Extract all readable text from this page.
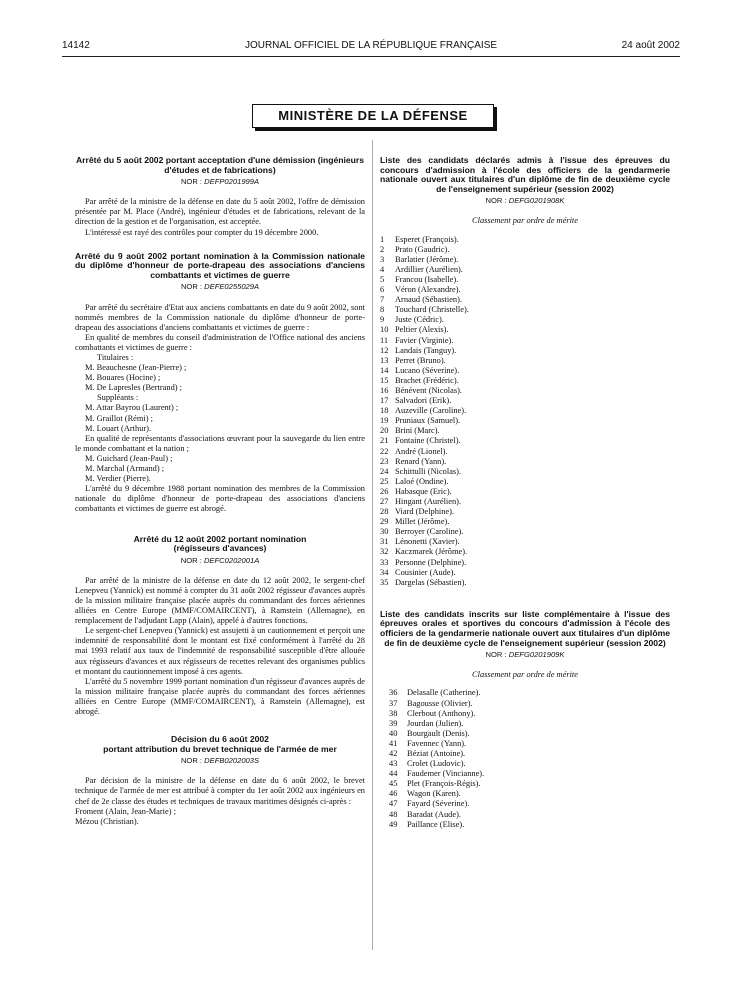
14142	JOURNAL OFFICIEL DE LA RÉPUBLIQUE FRANÇAISE	24 août 2002
MINISTÈRE DE LA DÉFENSE
Arrêté du 5 août 2002 portant acceptation d'une démission (ingénieurs d'études et de fabrications)
NOR : DEFP0201999A

Par arrêté de la ministre de la défense en date du 5 août 2002, l'offre de démission présentée par M. Place (André), ingénieur d'études et de fabrications, relevant de la direction de la gestion et de l'organisation, est acceptée.

L'intéressé est rayé des contrôles pour compter du 19 décembre 2000.

Arrêté du 9 août 2002 portant nomination à la Commission nationale du diplôme d'honneur de porte-drapeau des associations d'anciens combattants et victimes de guerre
NOR : DEFE0255029A

Par arrêté du secrétaire d'Etat aux anciens combattants en date du 9 août 2002, sont nommés membres de la Commission nationale du diplôme d'honneur de porte-drapeau des associations d'anciens combattants et victimes de guerre :

En qualité de membres du conseil d'administration de l'Office national des anciens combattants et victimes de guerre :

Titulaires :
M. Beauchesne (Jean-Pierre) ;
M. Bouares (Hocine) ;
M. De Lapresles (Bertrand) ;
Suppléants :
M. Attar Bayrou (Laurent) ;
M. Graillot (Rémi) ;
M. Louart (Arthur).

En qualité de représentants d'associations œuvrant pour la sauvegarde du lien entre le monde combattant et la nation ;

M. Guichard (Jean-Paul) ;
M. Marchal (Armand) ;
M. Verdier (Pierre).

L'arrêté du 9 décembre 1988 portant nomination des membres de la Commission nationale du diplôme d'honneur de porte-drapeau des associations d'anciens combattants et victimes de guerre est abrogé.

Arrêté du 12 août 2002 portant nomination
(régisseurs d'avances)
NOR : DEFC0202001A

Par arrêté de la ministre de la défense en date du 12 août 2002, le sergent-chef Lenepveu (Yannick) est nommé à compter du 31 août 2002 régisseur d'avances auprès de la mission militaire française placée auprès du commandant des forces aériennes alliées en Centre Europe (MMF/COMAIRCENT), à Ramstein (Allemagne), en remplacement de l'adjudant Lapp (Alain), appelé à d'autres fonctions.

Le sergent-chef Lenepveu (Yannick) est assujetti à un cautionnement et perçoit une indemnité de responsabilité dont le montant est fixé conformément à l'arrêté du 28 mai 1993 relatif aux taux de l'indemnité de responsabilité susceptible d'être allouée aux régisseurs d'avances et aux régisseurs de recettes relevant des organismes publics et montant du cautionnement imposé à ces agents.

L'arrêté du 5 novembre 1999 portant nomination d'un régisseur d'avances auprès de la mission militaire française placée auprès du commandant des forces aériennes alliées en Centre Europe (MMF/COMAIRCENT), à Ramstein (Allemagne), est abrogé.

Décision du 6 août 2002
portant attribution du brevet technique de l'armée de mer
NOR : DEFB0202003S

Par décision de la ministre de la défense en date du 6 août 2002, le brevet technique de l'armée de mer est attribué à compter du 1er août 2002 aux ingénieurs en chef de 2e classe des études et techniques de travaux maritimes désignés ci-après :

Froment (Alain, Jean-Marie) ;
Mézou (Christian).
Liste des candidats déclarés admis à l'issue des épreuves du concours d'admission à l'école des officiers de la gendarmerie nationale ouvert aux titulaires d'un diplôme de fin de deuxième cycle de l'enseignement supérieur (session 2002)
NOR : DEFG0201908K
Classement par ordre de mérite
1	Esperet (François).
2	Prato (Gaudric).
3	Barlatier (Jérôme).
4	Ardillier (Aurélien).
5	Francou (Isabelle).
6	Véron (Alexandre).
7	Arnaud (Sébastien).
8	Touchard (Christelle).
9	Juste (Cédric).
10 Peltier (Alexis).
11 Favier (Virginie).
12 Landais (Tanguy).
13 Perret (Bruno).
14 Lucano (Séverine).
15 Brachet (Frédéric).
16 Bénévent (Nicolas).
17 Salvadori (Erik).
18 Auzeville (Caroline).
19 Pruniaux (Samuel).
20 Brini (Marc).
21 Fontaine (Christel).
22 André (Lionel).
23 Renard (Yann).
24 Schittulli (Nicolas).
25 Laloé (Ondine).
26 Habasque (Eric).
27 Hingant (Aurélien).
28 Viard (Delphine).
29 Millet (Jérôme).
30 Berroyer (Caroline).
31 Lénonetti (Xavier).
32 Kaczmarek (Jérôme).
33 Personne (Delphine).
34 Cousinier (Aude).
35 Dargelas (Sébastien).
Liste des candidats inscrits sur liste complémentaire à l'issue des épreuves orales et sportives du concours d'admission à l'école des officiers de la gendarmerie nationale ouvert aux titulaires d'un diplôme de fin de deuxième cycle de l'enseignement supérieur (session 2002)
NOR : DEFG0201909K
Classement par ordre de mérite
36	Delasalle (Catherine).
37	Bagousse (Olivier).
38	Clerbout (Anthony).
39	Jourdan (Julien).
40	Bourgault (Denis).
41	Favennec (Yann).
42	Béziat (Antoine).
43	Crolet (Ludovic).
44	Faudemer (Vincianne).
45	Plet (François-Régis).
46	Wagon (Karen).
47	Fayard (Séverine).
48	Baradat (Aude).
49	Paillance (Elise).
